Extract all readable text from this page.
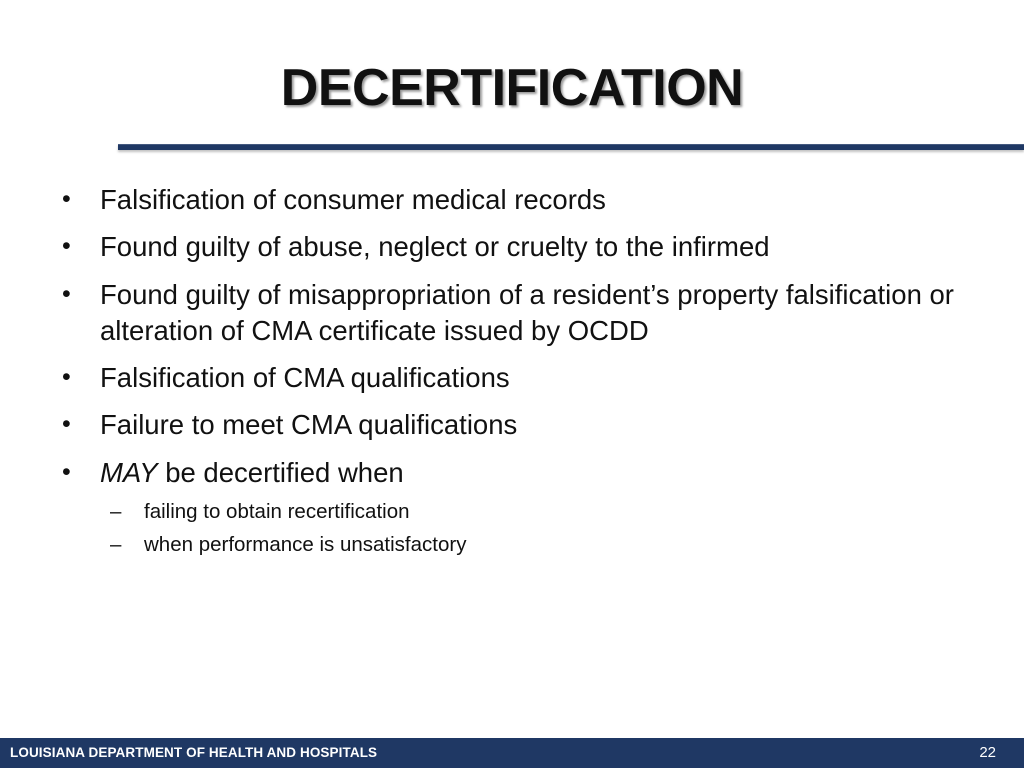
DECERTIFICATION
• Falsification of consumer medical records
• Found guilty of abuse, neglect or cruelty to the infirmed
• Found guilty of misappropriation of a resident’s property falsification or alteration of CMA certificate issued by OCDD
• Falsification of CMA qualifications
• Failure to meet CMA qualifications
• MAY be decertified when
– failing to obtain recertification
– when performance is unsatisfactory
LOUISIANA DEPARTMENT OF HEALTH AND HOSPITALS	22
